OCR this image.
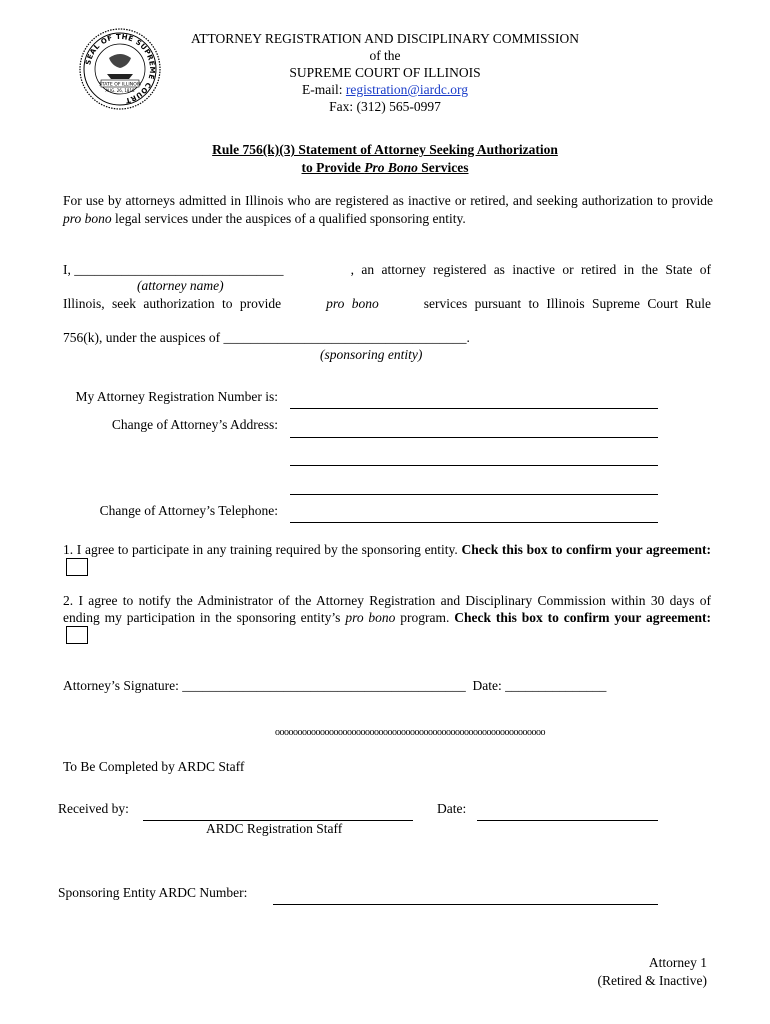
SEAL OF THE SUPREME COURT
STATE OF ILLINOIS
AUG. 26, 1818
ATTORNEY REGISTRATION AND DISCIPLINARY COMMISSION
of the
SUPREME COURT OF ILLINOIS
E-mail: registration@iardc.org
Fax: (312) 565-0997
Rule 756(k)(3) Statement of Attorney Seeking Authorization
to Provide Pro Bono Services
For use by attorneys admitted in Illinois who are registered as inactive or retired, and seeking authorization to provide pro bono legal services under the auspices of a qualified sponsoring entity.
I, _______________________________	, an attorney registered as inactive or retired in the State of
(attorney name)
Illinois, seek authorization to provide	pro bono	services pursuant to Illinois Supreme Court Rule
756(k), under the auspices of ____________________________________.
(sponsoring entity)
My Attorney Registration Number is:
Change of Attorney’s Address:
Change of Attorney’s Telephone:
1. I agree to participate in any training required by the sponsoring entity. Check this box to confirm your agreement:
2. I agree to notify the Administrator of the Attorney Registration and Disciplinary Commission within 30 days of ending my participation in the sponsoring entity’s pro bono program. Check this box to confirm your agreement:
Attorney’s Signature: __________________________________________  Date: _______________
oooooooooooooooooooooooooooooooooooooooooooooooooooooooooooo
To Be Completed by ARDC Staff
Received by:	Date:
ARDC Registration Staff
Sponsoring Entity ARDC Number:
Attorney 1
(Retired & Inactive)
